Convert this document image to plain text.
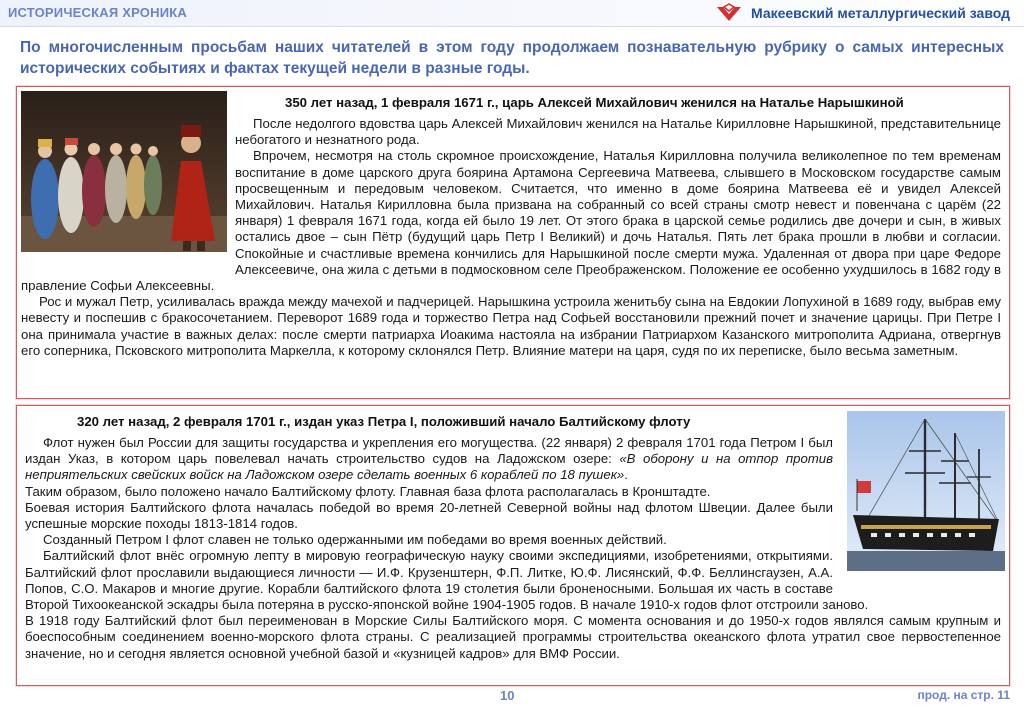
ИСТОРИЧЕСКАЯ ХРОНИКА	Макеевский металлургический завод
По многочисленным просьбам наших читателей в этом году продолжаем познавательную рубрику о самых интересных исторических событиях и фактах текущей недели в разные годы.
350 лет назад, 1 февраля 1671 г., царь Алексей Михайлович женился на Наталье Нарышкиной

После недолгого вдовства царь Алексей Михайлович женился на Наталье Кирилловне Нарышкиной, представительнице небогатого и незнатного рода.

Впрочем, несмотря на столь скромное происхождение, Наталья Кирилловна получила великолепное по тем временам воспитание в доме царского друга боярина Артамона Сергеевича Матвеева, слывшего в Московском государстве самым просвещенным и передовым человеком. Считается, что именно в доме боярина Матвеева её и увидел Алексей Михайлович. Наталья Кирилловна была призвана на собранный со всей страны смотр невест и повенчана с царём (22 января) 1 февраля 1671 года, когда ей было 19 лет. От этого брака в царской семье родились две дочери и сын, в живых остались двое – сын Пётр (будущий царь Петр I Великий) и дочь Наталья. Пять лет брака прошли в любви и согласии. Спокойные и счастливые времена кончились для Нарышкиной после смерти мужа. Удаленная от двора при царе Федоре Алексеевиче, она жила с детьми в подмосковном селе Преображенском. Положение ее особенно ухудшилось в 1682 году в правление Софьи Алексеевны.

Рос и мужал Петр, усиливалась вражда между мачехой и падчерицей. Нарышкина устроила женитьбу сына на Евдокии Лопухиной в 1689 году, выбрав ему невесту и поспешив с бракосочетанием. Переворот 1689 года и торжество Петра над Софьей восстановили прежний почет и значение царицы. При Петре I она принимала участие в важных делах: после смерти патриарха Иоакима настояла на избрании Патриархом Казанского митрополита Адриана, отвергнув его соперника, Псковского митрополита Маркелла, к которому склонялся Петр. Влияние матери на царя, судя по их переписке, было весьма заметным.

320 лет назад, 2 февраля 1701 г., издан указ Петра I, положивший начало Балтийскому флоту

Флот нужен был России для защиты государства и укрепления его могущества. (22 января) 2 февраля 1701 года Петром I был издан Указ, в котором царь повелевал начать строительство судов на Ладожском озере: «В оборону и на отпор против неприятельских свейских войск на Ладожском озере сделать военных 6 кораблей по 18 пушек».

Таким образом, было положено начало Балтийскому флоту. Главная база флота располагалась в Кронштадте.

Боевая история Балтийского флота началась победой во время 20-летней Северной войны над флотом Швеции. Далее были успешные морские походы 1813-1814 годов.

Созданный Петром I флот славен не только одержанными им победами во время военных действий.

Балтийский флот внёс огромную лепту в мировую географическую науку своими экспедициями, изобретениями, открытиями. Балтийский флот прославили выдающиеся личности — И.Ф. Крузенштерн, Ф.П. Литке, Ю.Ф. Лисянский, Ф.Ф. Беллинсгаузен, А.А. Попов, С.О. Макаров и многие другие. Корабли балтийского флота 19 столетия были броненосными. Большая их часть в составе Второй Тихоокеанской эскадры была потеряна в русско-японской войне 1904-1905 годов. В начале 1910-х годов флот отстроили заново.

В 1918 году Балтийский флот был переименован в Морские Силы Балтийского моря. С момента основания и до 1950-х годов являлся самым крупным и боеспособным соединением военно-морского флота страны. С реализацией программы строительства океанского флота утратил свое первостепенное значение, но и сегодня является основной учебной базой и «кузницей кадров» для ВМФ России.

10	прод. на стр. 11
